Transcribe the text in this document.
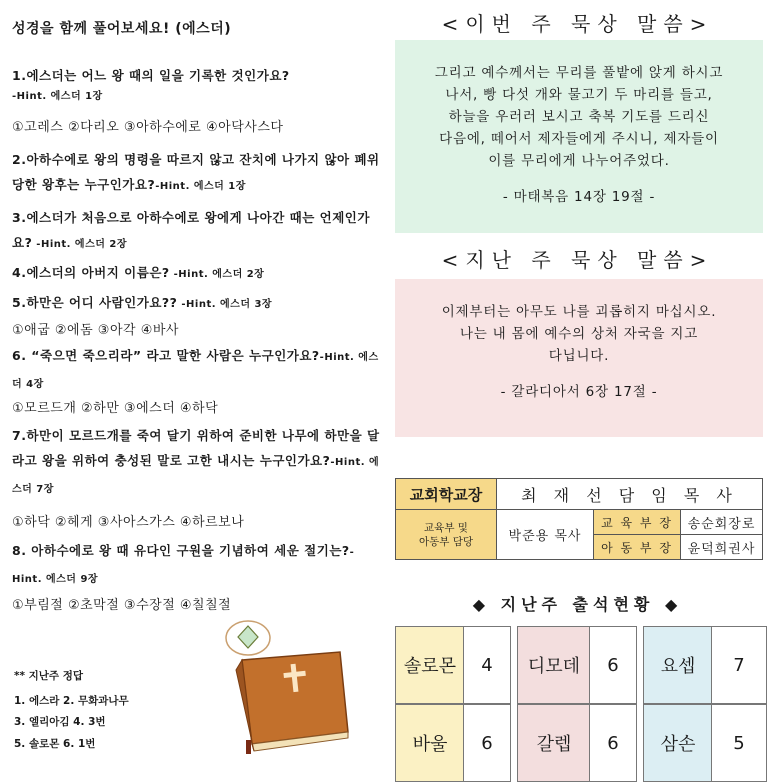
성경을 함께 풀어보세요! (에스더)
1.에스더는 어느 왕 때의 일을 기록한 것인가요?
-Hint. 에스더 1장
①고레스 ②다리오 ③아하수에로 ④아닥사스다
2.아하수에로 왕의 명령을 따르지 않고 잔치에 나가지 않아 폐위 당한 왕후는 누구인가요?-Hint. 에스더 1장
3.에스더가 처음으로 아하수에로 왕에게 나아간 때는 언제인가요? -Hint. 에스더 2장
4.에스더의 아버지 이름은? -Hint. 에스더 2장
5.하만은 어디 사람인가요?? -Hint. 에스더 3장
①애굽 ②에돔 ③아각 ④바사
6. “죽으면 죽으리라” 라고 말한 사람은 누구인가요?-Hint. 에스더 4장
①모르드개 ②하만 ③에스더 ④하닥
7.하만이 모르드개를 죽여 달기 위하여 준비한 나무에 하만을 달라고 왕을 위하여 충성된 말로 고한 내시는 누구인가요?-Hint. 에스더 7장
①하닥 ②헤게 ③사아스가스 ④하르보나
8. 아하수에로 왕 때 유다인 구원을 기념하여 세운 절기는?-Hint. 에스더 9장
①부림절 ②초막절 ③수장절 ④칠칠절
** 지난주 정답
1. 에스라 2. 무화과나무
3. 엘리아김 4. 3번
5. 솔로몬 6. 1번
<이번 주 묵상 말씀>
그리고 예수께서는 무리를 풀밭에 앉게 하시고
나서, 빵 다섯 개와 물고기 두 마리를 들고,
하늘을 우러러 보시고 축복 기도를 드리신
다음에, 떼어서 제자들에게 주시니, 제자들이
이를 무리에게 나누어주었다.
- 마태복음 14장 19절 -
<지난 주 묵상 말씀>
이제부터는 아무도 나를 괴롭히지 마십시오.
나는 내 몸에 예수의 상처 자국을 지고
다닙니다.
- 갈라디아서 6장 17절 -
교회학교장	최 재 선 담 임 목 사		

교육부 및
아동부 담당	박준용 목사	교 육 부 장	송순회장로
		아 동 부 장	윤덕희권사
◆ 지난주 출석현황 ◆
솔로몬	4	디모데	6	요셉	7
바울	6	갈렙	6	삼손	5
